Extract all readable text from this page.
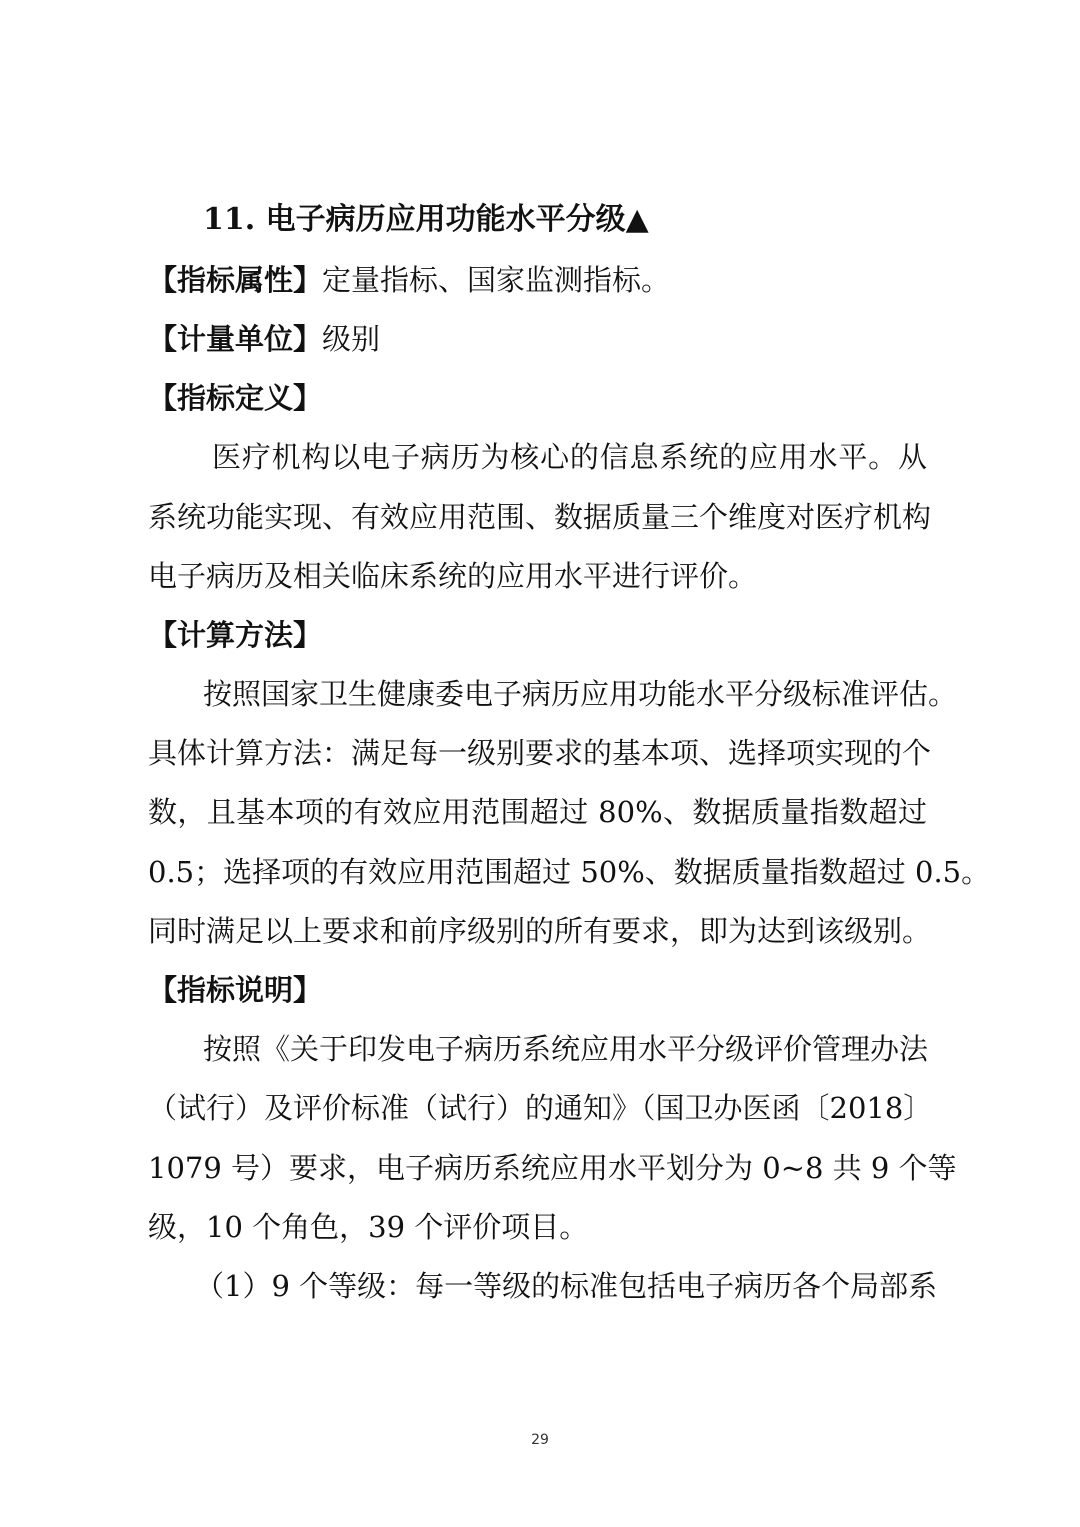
11. 电子病历应用功能水平分级▲
【指标属性】定量指标、国家监测指标。
【计量单位】级别
【指标定义】
医疗机构以电子病历为核心的信息系统的应用水平。从
系统功能实现、有效应用范围、数据质量三个维度对医疗机构
电子病历及相关临床系统的应用水平进行评价。
【计算方法】
按照国家卫生健康委电子病历应用功能水平分级标准评估。
具体计算方法：满足每一级别要求的基本项、选择项实现的个
数，且基本项的有效应用范围超过 80%、数据质量指数超过
0.5；选择项的有效应用范围超过 50%、数据质量指数超过 0.5。
同时满足以上要求和前序级别的所有要求，即为达到该级别。
【指标说明】
按照《关于印发电子病历系统应用水平分级评价管理办法
（试行）及评价标准（试行）的通知》（国卫办医函〔2018〕
1079 号）要求，电子病历系统应用水平划分为 0~8 共 9 个等
级，10 个角色，39 个评价项目。
（1）9 个等级：每一等级的标准包括电子病历各个局部系
29
